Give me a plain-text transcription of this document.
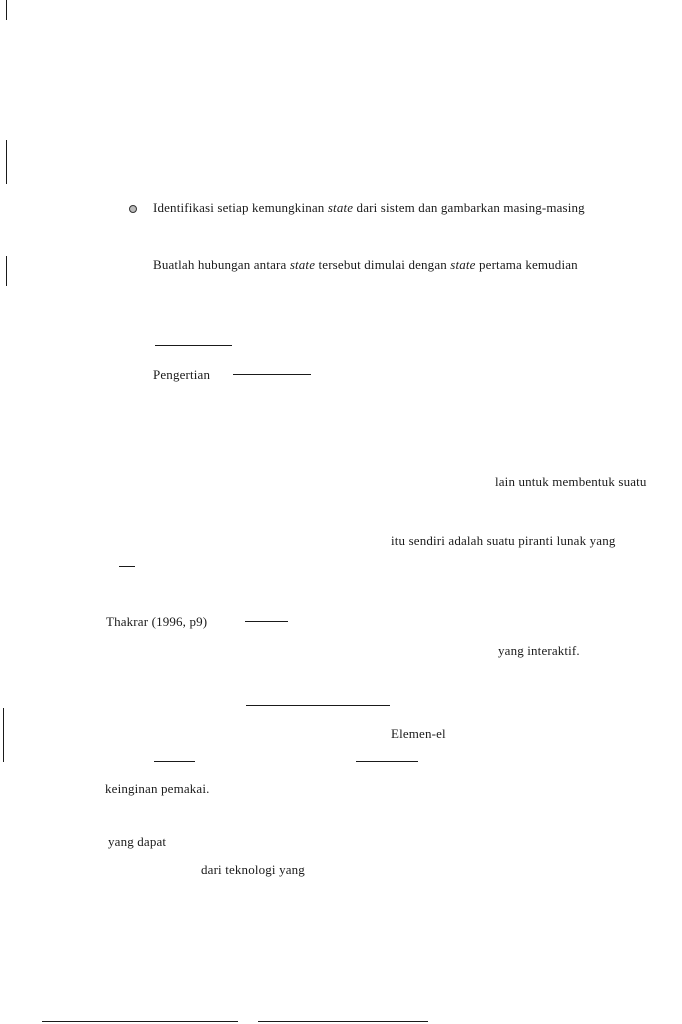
Identifikasi setiap kemungkinan state dari sistem dan gambarkan masing-masing
Buatlah hubungan antara state tersebut dimulai dengan state pertama kemudian
Pengertian
lain untuk membentuk suatu
itu sendiri adalah suatu piranti lunak yang
Thakrar (1996, p9)
yang interaktif.
Elemen-el
keinginan pemakai.
yang dapat
dari teknologi yang
